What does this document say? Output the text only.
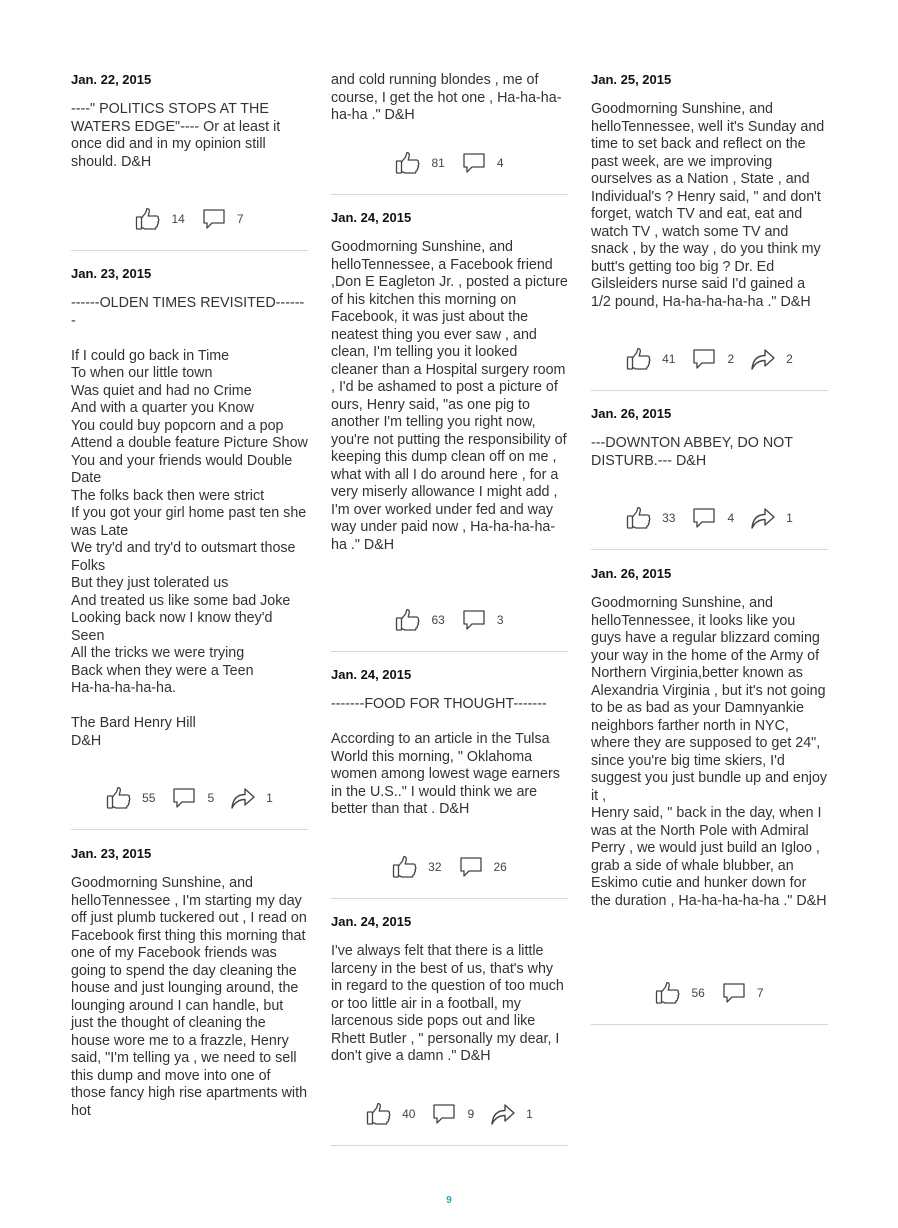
Jan. 22, 2015

----" POLITICS STOPS AT THE WATERS EDGE"---- Or at least it once did and in my opinion still should. D&H

14	7
Jan. 23, 2015

------OLDEN TIMES REVISITED-------

If I could go back in Time
To when our little town
Was quiet and had no Crime
And with a quarter you Know
You could buy popcorn and a pop
Attend a double feature Picture Show
You and your friends would Double Date
The folks back then were strict
If you got your girl home past ten she was Late
We try'd and try'd to outsmart those Folks
But they just tolerated us
And treated us like some bad Joke
Looking back now I know they'd Seen
All the tricks we were trying
Back when they were a Teen
Ha-ha-ha-ha-ha.

The Bard Henry Hill
D&H

55	5	1
Jan. 23, 2015

Goodmorning Sunshine, and helloTennessee , I'm starting my day off just plumb tuckered out , I read on Facebook first thing this morning that one of my Facebook friends was going to spend the day cleaning the house and just lounging around, the lounging around I can handle, but just the thought of cleaning the house wore me to a frazzle, Henry said, "I'm telling ya , we need to sell this dump and move into one of those fancy high rise apartments with hot

and cold running blondes , me of course, I get the hot one , Ha-ha-ha-ha-ha ." D&H

81	4
Jan. 24, 2015

Goodmorning Sunshine, and helloTennessee, a Facebook friend ,Don E Eagleton Jr. , posted a picture of his kitchen this morning on Facebook, it was just about the neatest thing you ever saw , and clean, I'm telling you it looked cleaner than a Hospital surgery room , I'd be ashamed to post a picture of ours, Henry said, "as one pig to another I'm telling you right now, you're not putting the responsibility of keeping this dump clean off on me , what with all I do around here , for a very miserly allowance I might add , I'm over worked under fed and way way under paid now , Ha-ha-ha-ha-ha ." D&H

63	3
Jan. 24, 2015

-------FOOD FOR THOUGHT-------

According to an article in the Tulsa World this morning, " Oklahoma women among lowest wage earners in the U.S.." I would think we are better than that . D&H

32	26
Jan. 24, 2015

I've always felt that there is a little larceny in the best of us, that's why in regard to the question of too much or too little air in a football, my larcenous side pops out and like Rhett Butler , " personally my dear, I don't give a damn ." D&H

40	9	1
Jan. 25, 2015

Goodmorning Sunshine, and helloTennessee, well it's Sunday and time to set back and reflect on the past week, are we improving ourselves as a Nation , State , and Individual's ? Henry said, " and don't forget, watch TV and eat, eat and watch TV , watch some TV and snack , by the way , do you think my butt's getting too big ? Dr. Ed Gilsleiders nurse said I'd gained a 1/2 pound, Ha-ha-ha-ha-ha ." D&H

41	2	2
Jan. 26, 2015

---DOWNTON ABBEY, DO NOT DISTURB.--- D&H

33	4	1
Jan. 26, 2015

Goodmorning Sunshine, and helloTennessee, it looks like you guys have a regular blizzard coming your way in the home of the Army of Northern Virginia,better known as Alexandria Virginia , but it's not going to be as bad as your Damnyankie neighbors farther north in NYC, where they are supposed to get 24", since you're big time skiers, I'd suggest you just bundle up and enjoy it ,
Henry said, " back in the day, when I was at the North Pole with Admiral Perry , we would just build an Igloo , grab a side of whale blubber, an Eskimo cutie and hunker down for the duration , Ha-ha-ha-ha-ha ." D&H

56	7
9
